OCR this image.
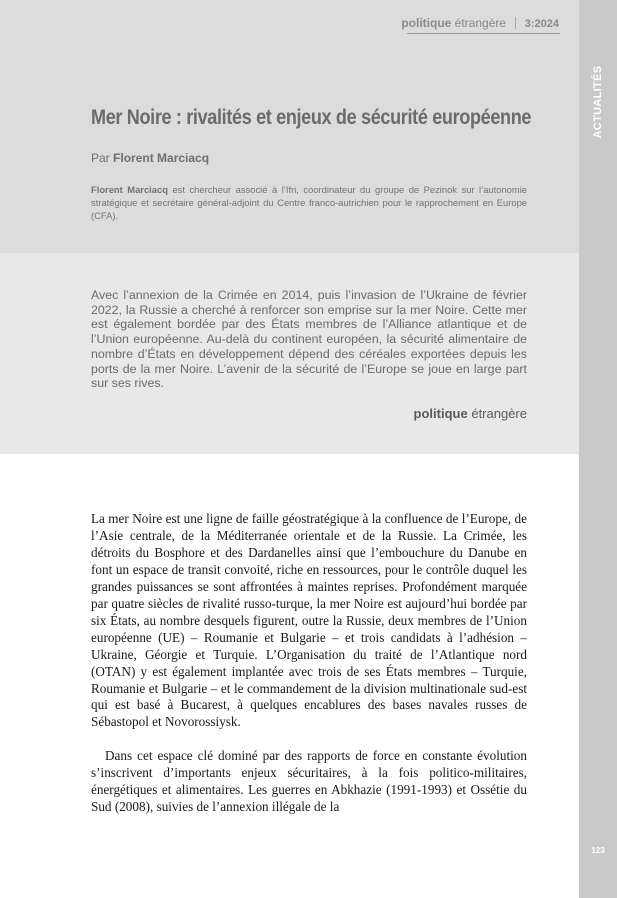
ACTUALITÉS
123
politique étrangère 3:2024
Mer Noire : rivalités et enjeux de sécurité européenne
Par Florent Marciacq

Florent Marciacq est chercheur associé à l’Ifri, coordinateur du groupe de Pezinok sur l’autonomie stratégique et secrétaire général-adjoint du Centre franco-autrichien pour le rapprochement en Europe (CFA).

Avec l’annexion de la Crimée en 2014, puis l’invasion de l’Ukraine de février 2022, la Russie a cherché à renforcer son emprise sur la mer Noire. Cette mer est également bordée par des États membres de l’Alliance atlantique et de l’Union européenne. Au-delà du continent européen, la sécurité alimentaire de nombre d’États en développement dépend des céréales exportées depuis les ports de la mer Noire. L’avenir de la sécurité de l’Europe se joue en large part sur ses rives.

politique étrangère

La mer Noire est une ligne de faille géostratégique à la confluence de l’Europe, de l’Asie centrale, de la Méditerranée orientale et de la Russie. La Crimée, les détroits du Bosphore et des Dardanelles ainsi que l’embouchure du Danube en font un espace de transit convoité, riche en ressources, pour le contrôle duquel les grandes puissances se sont affrontées à maintes reprises. Profondément marquée par quatre siècles de rivalité russo-turque, la mer Noire est aujourd’hui bordée par six États, au nombre desquels figurent, outre la Russie, deux membres de l’Union européenne (UE) – Roumanie et Bulgarie – et trois candidats à l’adhésion – Ukraine, Géorgie et Turquie. L’Organisation du traité de l’Atlantique nord (OTAN) y est également implantée avec trois de ses États membres – Turquie, Roumanie et Bulgarie – et le commandement de la division multinationale sud-est qui est basé à Bucarest, à quelques encablures des bases navales russes de Sébastopol et Novorossiysk.

Dans cet espace clé dominé par des rapports de force en constante évolution s’inscrivent d’importants enjeux sécuritaires, à la fois politico-militaires, énergétiques et alimentaires. Les guerres en Abkhazie (1991-1993) et Ossétie du Sud (2008), suivies de l’annexion illégale de la
